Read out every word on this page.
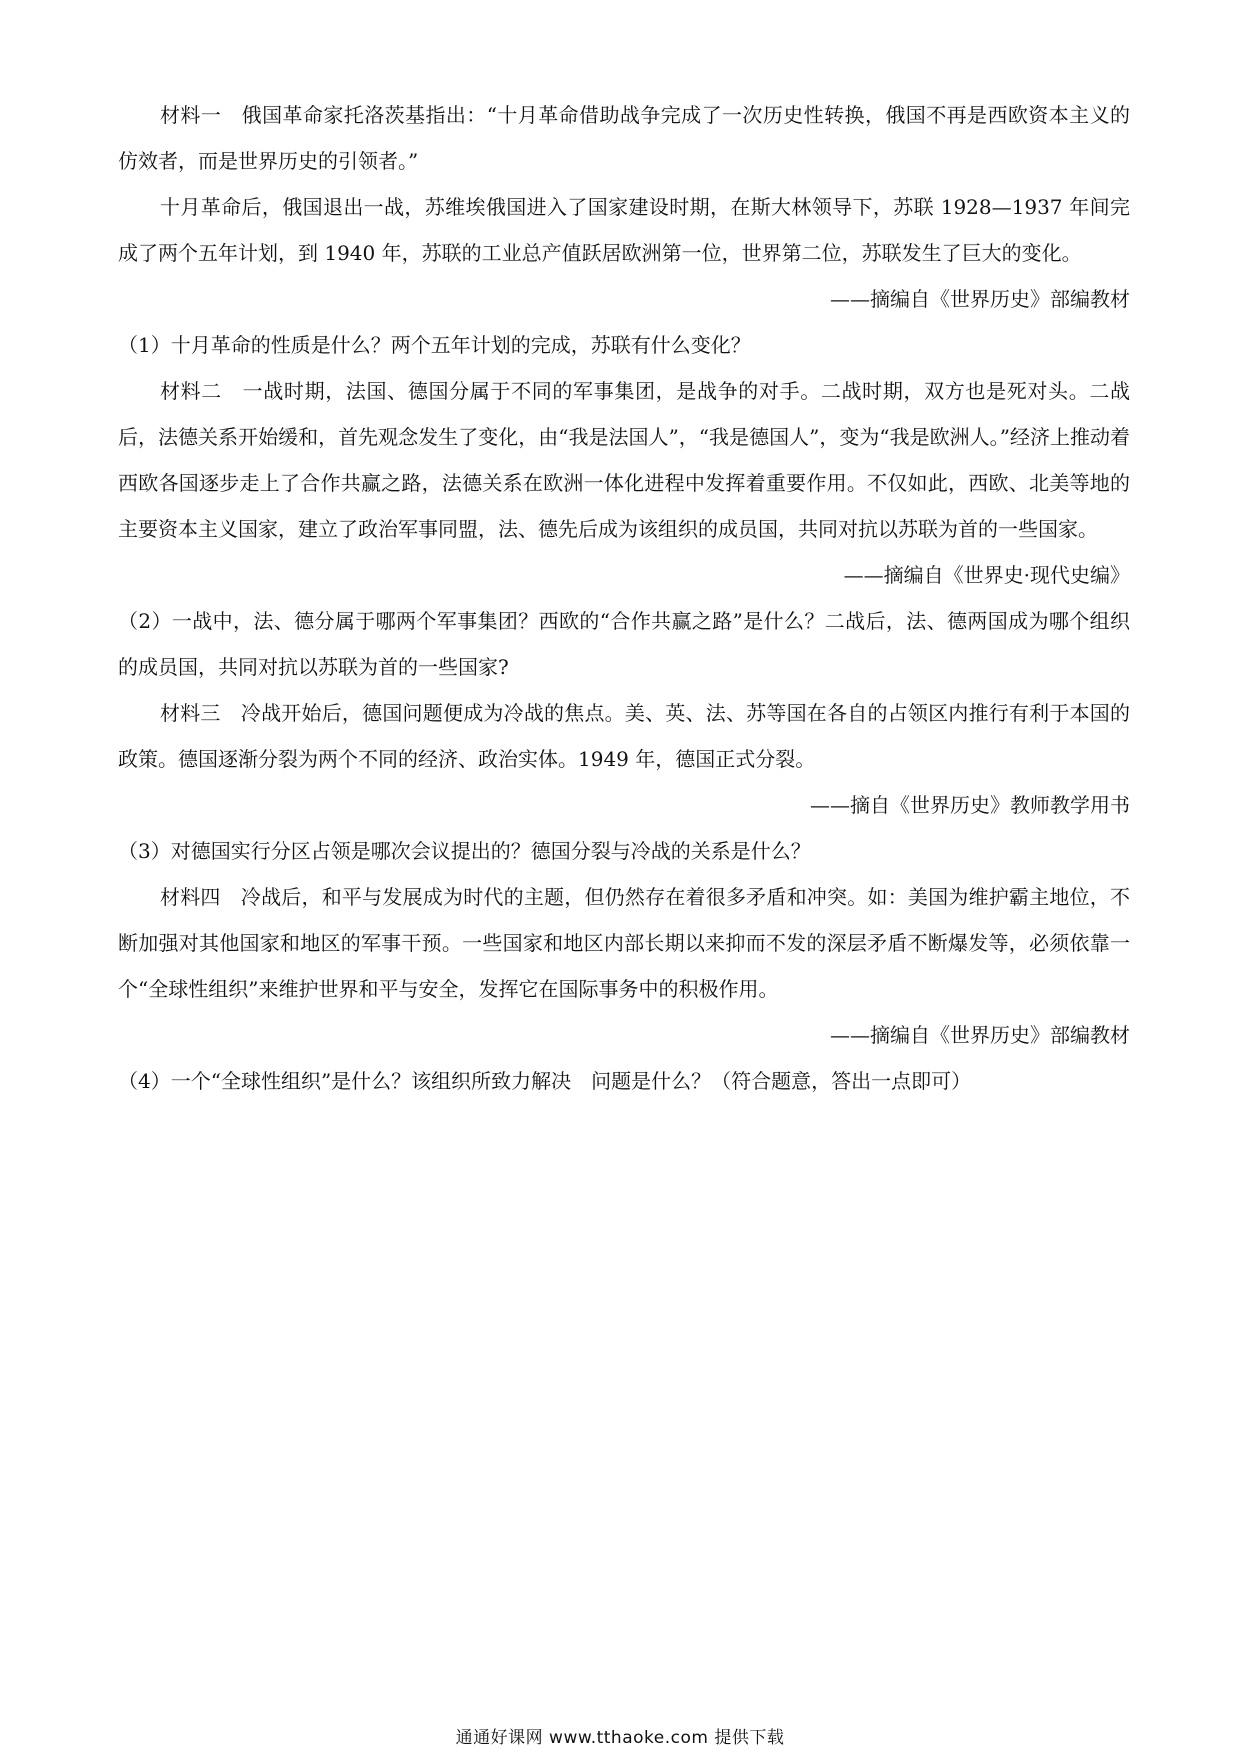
材料一　俄国革命家托洛茨基指出：“十月革命借助战争完成了一次历史性转换，俄国不再是西欧资本主义的仿效者，而是世界历史的引领者。”

十月革命后，俄国退出一战，苏维埃俄国进入了国家建设时期，在斯大林领导下，苏联 1928—1937 年间完成了两个五年计划，到 1940 年，苏联的工业总产值跃居欧洲第一位，世界第二位，苏联发生了巨大的变化。

——摘编自《世界历史》部编教材

（1）十月革命的性质是什么？两个五年计划的完成，苏联有什么变化？

材料二　一战时期，法国、德国分属于不同的军事集团，是战争的对手。二战时期，双方也是死对头。二战后，法德关系开始缓和，首先观念发生了变化，由“我是法国人”，“我是德国人”，变为“我是欧洲人。”经济上推动着西欧各国逐步走上了合作共赢之路，法德关系在欧洲一体化进程中发挥着重要作用。不仅如此，西欧、北美等地的主要资本主义国家，建立了政治军事同盟，法、德先后成为该组织的成员国，共同对抗以苏联为首的一些国家。

——摘编自《世界史·现代史编》

（2）一战中，法、德分属于哪两个军事集团？西欧的“合作共赢之路”是什么？二战后，法、德两国成为哪个组织的成员国，共同对抗以苏联为首的一些国家?

材料三　冷战开始后，德国问题便成为冷战的焦点。美、英、法、苏等国在各自的占领区内推行有利于本国的政策。德国逐渐分裂为两个不同的经济、政治实体。1949 年，德国正式分裂。

——摘自《世界历史》教师教学用书

（3）对德国实行分区占领是哪次会议提出的？德国分裂与冷战的关系是什么？

材料四　冷战后，和平与发展成为时代的主题，但仍然存在着很多矛盾和冲突。如：美国为维护霸主地位，不断加强对其他国家和地区的军事干预。一些国家和地区内部长期以来抑而不发的深层矛盾不断爆发等，必须依靠一个“全球性组织”来维护世界和平与安全，发挥它在国际事务中的积极作用。

——摘编自《世界历史》部编教材

（4）一个“全球性组织”是什么？该组织所致力解决　问题是什么？（符合题意，答出一点即可）

通通好课网 www.tthaoke.com 提供下载
